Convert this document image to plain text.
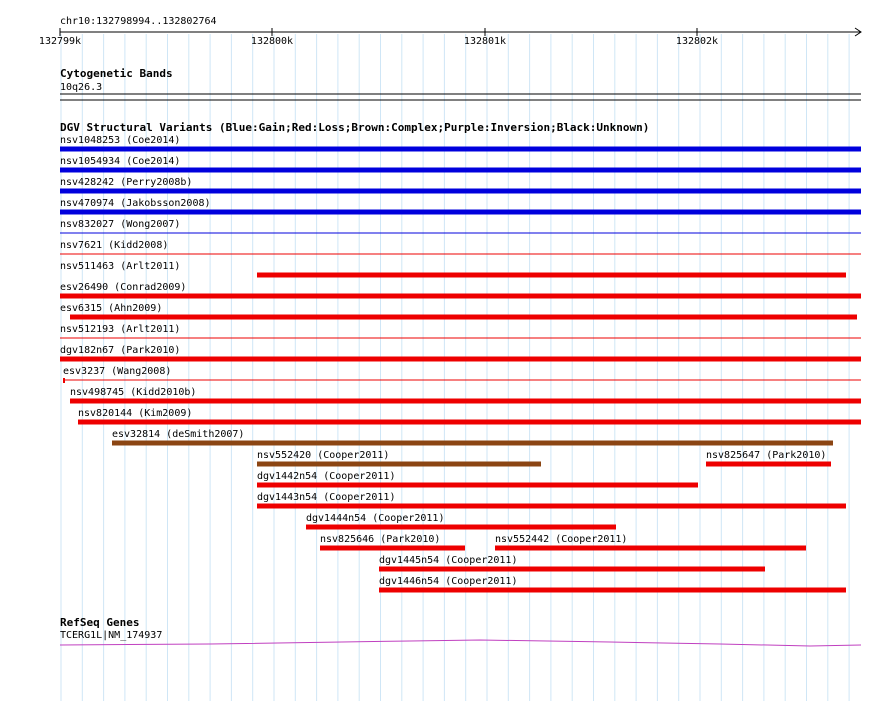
chr10:132798994..132802764
132799k	132800k	132801k	132802k
Cytogenetic Bands
10q26.3
DGV Structural Variants (Blue:Gain;Red:Loss;Brown:Complex;Purple:Inversion;Black:Unknown)
nsv1048253 (Coe2014)
nsv1054934 (Coe2014)
nsv428242 (Perry2008b)
nsv470974 (Jakobsson2008)
nsv832027 (Wong2007)
nsv7621 (Kidd2008)
nsv511463 (Arlt2011)
esv26490 (Conrad2009)
esv6315 (Ahn2009)
nsv512193 (Arlt2011)
dgv182n67 (Park2010)
esv3237 (Wang2008)
nsv498745 (Kidd2010b)
nsv820144 (Kim2009)
esv32814 (deSmith2007)
nsv552420 (Cooper2011)	nsv825647 (Park2010)
dgv1442n54 (Cooper2011)
dgv1443n54 (Cooper2011)
dgv1444n54 (Cooper2011)
nsv825646 (Park2010)	nsv552442 (Cooper2011)
dgv1445n54 (Cooper2011)
dgv1446n54 (Cooper2011)
RefSeq Genes
TCERG1L|NM_174937
